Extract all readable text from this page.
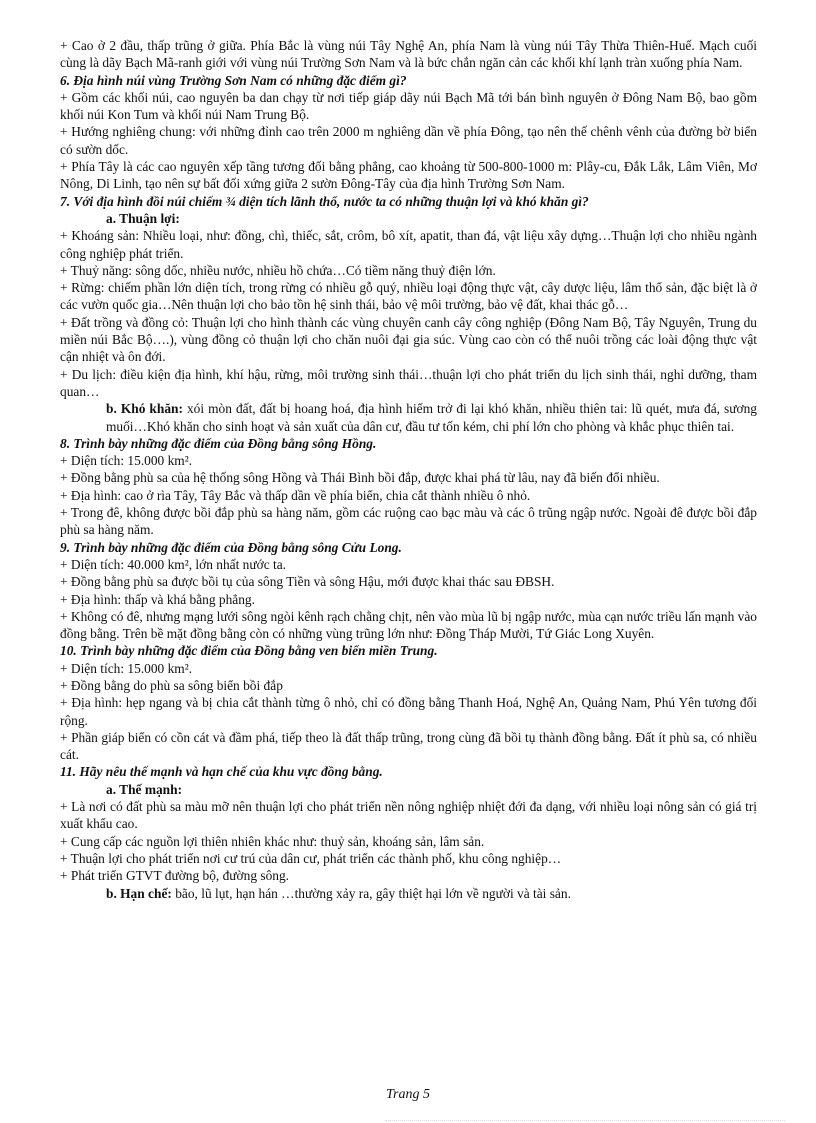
+ Cao ở 2 đầu, thấp trũng ở giữa. Phía Bắc là vùng núi Tây Nghệ An, phía Nam là vùng núi Tây Thừa Thiên-Huế. Mạch cuối cùng là dãy Bạch Mã-ranh giới với vùng núi Trường Sơn Nam và là bức chắn ngăn cản các khối khí lạnh tràn xuống phía Nam.

6. Địa hình núi vùng Trường Sơn Nam có những đặc điểm gì?

+ Gồm các khối núi, cao nguyên ba dan chạy từ nơi tiếp giáp dãy núi Bạch Mã tới bán bình nguyên ở Đông Nam Bộ, bao gồm khối núi Kon Tum và khối núi Nam Trung Bộ.

+ Hướng nghiêng chung: với những đỉnh cao trên 2000 m nghiêng dần về phía Đông, tạo nên thế chênh vênh của đường bờ biển có sườn dốc.

+ Phía Tây là các cao nguyên xếp tầng tương đối bằng phẳng, cao khoảng từ 500-800-1000 m: Plây-cu, Đắk Lắk, Lâm Viên, Mơ Nông, Di Linh, tạo nên sự bất đối xứng giữa 2 sườn Đông-Tây của địa hình Trường Sơn Nam.

7. Với địa hình đồi núi chiếm ¾ diện tích lãnh thổ, nước ta có những thuận lợi và khó khăn gì?

a. Thuận lợi:

+ Khoáng sản: Nhiều loại, như: đồng, chì, thiếc, sắt, crôm, bô xít, apatit, than đá, vật liệu xây dựng…Thuận lợi cho nhiều ngành công nghiệp phát triển.

+ Thuỷ năng: sông dốc, nhiều nước, nhiều hồ chứa…Có tiềm năng thuỷ điện lớn.

+ Rừng: chiếm phần lớn diện tích, trong rừng có nhiều gỗ quý, nhiều loại động thực vật, cây dược liệu, lâm thổ sản, đặc biệt là ở các vườn quốc gia…Nên thuận lợi cho bảo tồn hệ sinh thái, bảo vệ môi trường, bảo vệ đất, khai thác gỗ…

+ Đất trồng và đồng cỏ: Thuận lợi cho hình thành các vùng chuyên canh cây công nghiệp (Đông Nam Bộ, Tây Nguyên, Trung du miền núi Bắc Bộ….), vùng đồng cỏ thuận lợi cho chăn nuôi đại gia súc. Vùng cao còn có thể nuôi trồng các loài động thực vật cận nhiệt và ôn đới.

+ Du lịch: điều kiện địa hình, khí hậu, rừng, môi trường sinh thái…thuận lợi cho phát triển du lịch sinh thái, nghỉ dưỡng, tham quan…

b. Khó khăn: xói mòn đất, đất bị hoang hoá, địa hình hiểm trở đi lại khó khăn, nhiều thiên tai: lũ quét, mưa đá, sương muối…Khó khăn cho sinh hoạt và sản xuất của dân cư, đầu tư tốn kém, chi phí lớn cho phòng và khắc phục thiên tai.

8. Trình bày những đặc điểm của Đồng bằng sông Hồng.

+ Diện tích: 15.000 km².

+ Đồng bằng phù sa của hệ thống sông Hồng và Thái Bình bồi đắp, được khai phá từ lâu, nay đã biến đổi nhiều.

+ Địa hình: cao ở rìa Tây, Tây Bắc và thấp dần về phía biển, chia cắt thành nhiều ô nhỏ.

+ Trong đê, không được bồi đắp phù sa hàng năm, gồm các ruộng cao bạc màu và các ô trũng ngập nước. Ngoài đê được bồi đắp phù sa hàng năm.

9. Trình bày những đặc điểm của Đồng bằng sông Cửu Long.

+ Diện tích: 40.000 km², lớn nhất nước ta.

+ Đồng bằng phù sa được bồi tụ của sông Tiền và sông Hậu, mới được khai thác sau ĐBSH.

+ Địa hình: thấp và khá bằng phẳng.

+ Không có đê, nhưng mạng lưới sông ngòi kênh rạch chằng chịt, nên vào mùa lũ bị ngập nước, mùa cạn nước triều lấn mạnh vào đồng bằng. Trên bề mặt đồng bằng còn có những vùng trũng lớn như: Đồng Tháp Mười, Tứ Giác Long Xuyên.

10. Trình bày những đặc điểm của Đồng bằng ven biển miền Trung.

+ Diện tích: 15.000 km².

+ Đồng bằng do phù sa sông biển bồi đắp

+ Địa hình: hẹp ngang và bị chia cắt thành từng ô nhỏ, chỉ có đồng bằng Thanh Hoá, Nghệ An, Quảng Nam, Phú Yên tương đối rộng.

+ Phần giáp biển có cồn cát và đầm phá, tiếp theo là đất thấp trũng, trong cùng đã bồi tụ thành đồng bằng. Đất ít phù sa, có nhiều cát.

11. Hãy nêu thế mạnh và hạn chế của khu vực đồng bằng.

a. Thế mạnh:

+ Là nơi có đất phù sa màu mỡ nên thuận lợi cho phát triển nền nông nghiệp nhiệt đới đa dạng, với nhiều loại nông sản có giá trị xuất khẩu cao.

+ Cung cấp các nguồn lợi thiên nhiên khác như: thuỷ sản, khoáng sản, lâm sản.

+ Thuận lợi cho phát triển nơi cư trú của dân cư, phát triển các thành phố, khu công nghiệp…

+ Phát triển GTVT đường bộ, đường sông.

b. Hạn chế: bão, lũ lụt, hạn hán …thường xảy ra, gây thiệt hại lớn về người và tài sản.

Trang 5
